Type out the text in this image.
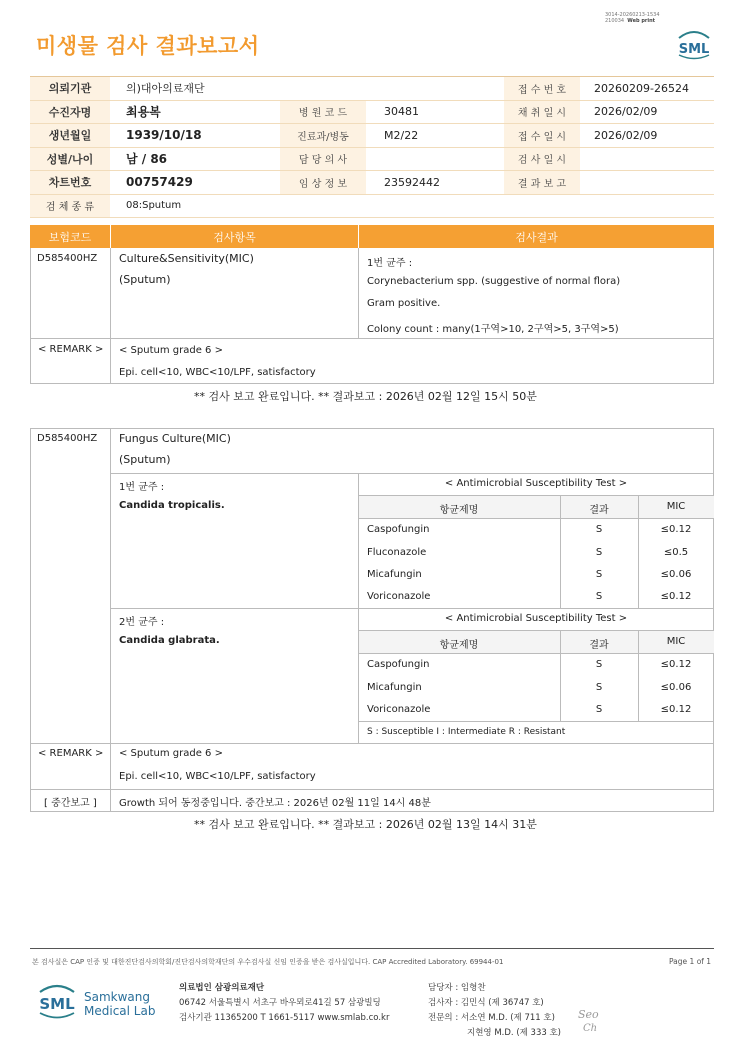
미생물 검사 결과보고서
3014-20260213-1534
210034 Web print
SML
의뢰기관	의)대아의료재단	접 수 번 호	20260209-26524
수진자명	최용복	병 원 코 드	30481	채 취 일 시	2026/02/09
생년월일	1939/10/18	진료과/병동	M2/22	접 수 일 시	2026/02/09
성별/나이	남 / 86	담 당 의 사	검 사 일 시
차트번호	00757429	임 상 정 보	23592442	결 과 보 고
검 체 종 류	08:Sputum
보험코드	검사항목	검사결과
D585400HZ Culture&Sensitivity(MIC)
(Sputum)
1번 균주 :
Corynebacterium spp. (suggestive of normal flora)
Gram positive.
Colony count : many(1구역>10, 2구역>5, 3구역>5)
< REMARK > < Sputum grade 6 >
Epi. cell<10, WBC<10/LPF, satisfactory
** 검사 보고 완료입니다. ** 결과보고 : 2026년 02월 12일 15시 50분
D585400HZ Fungus Culture(MIC)
(Sputum)
1번 균주 :
Candida tropicalis.
< Antimicrobial Susceptibility Test >
항균제명	결과	MIC
Caspofungin	S	≤0.12
Fluconazole	S	≤0.5
Micafungin	S	≤0.06
Voriconazole	S	≤0.12
2번 균주 :
Candida glabrata.
< Antimicrobial Susceptibility Test >
항균제명	결과	MIC
Caspofungin	S	≤0.12
Micafungin	S	≤0.06
Voriconazole	S	≤0.12
S : Susceptible I : Intermediate R : Resistant
< REMARK > < Sputum grade 6 >
Epi. cell<10, WBC<10/LPF, satisfactory
[ 중간보고 ] Growth 되어 동정중입니다. 중간보고 : 2026년 02월 11일 14시 48분
** 검사 보고 완료입니다. ** 결과보고 : 2026년 02월 13일 14시 31분
본 검사실은 CAP 인증 및 대한진단검사의학회/진단검사의학재단의 우수검사실 신임 인증을 받은 검사실입니다. CAP Accredited Laboratory. 69944-01	Page 1 of 1
SML Samkwang
Medical Lab
의료법인 삼광의료재단
06742 서울특별시 서초구 바우뫼로41길 57 삼광빌딩
검사기관 11365200 T 1661-5117 www.smlab.co.kr
담당자 : 임형찬
검사자 : 김민식 (제 36747 호)
전문의 : 서소연 M.D. (제 711 호)
지현영 M.D. (제 333 호)
Seo
Ch
